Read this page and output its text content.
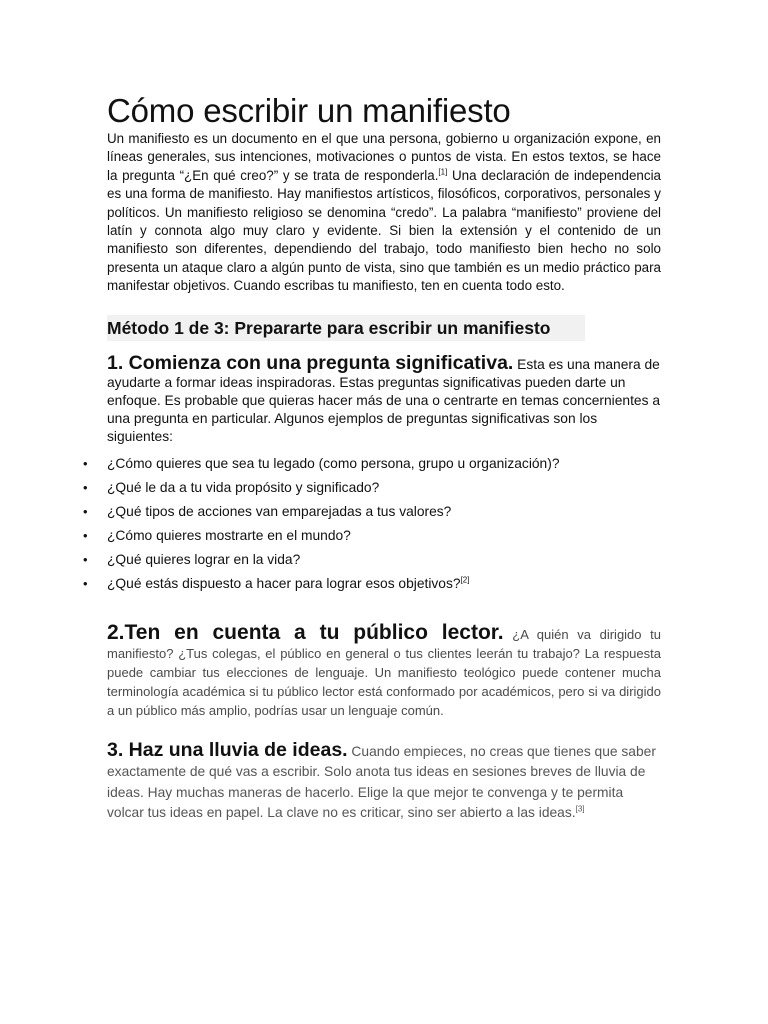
Cómo escribir un manifiesto

Un manifiesto es un documento en el que una persona, gobierno u organización expone, en líneas generales, sus intenciones, motivaciones o puntos de vista. En estos textos, se hace la pregunta “¿En qué creo?” y se trata de responderla.[1] Una declaración de independencia es una forma de manifiesto. Hay manifiestos artísticos, filosóficos, corporativos, personales y políticos. Un manifiesto religioso se denomina “credo”. La palabra “manifiesto” proviene del latín y connota algo muy claro y evidente. Si bien la extensión y el contenido de un manifiesto son diferentes, dependiendo del trabajo, todo manifiesto bien hecho no solo presenta un ataque claro a algún punto de vista, sino que también es un medio práctico para manifestar objetivos. Cuando escribas tu manifiesto, ten en cuenta todo esto.

Método 1 de 3: Prepararte para escribir un manifiesto
1. Comienza con una pregunta significativa. Esta es una manera de ayudarte a formar ideas inspiradoras. Estas preguntas significativas pueden darte un enfoque. Es probable que quieras hacer más de una o centrarte en temas concernientes a una pregunta en particular. Algunos ejemplos de preguntas significativas son los siguientes:
• ¿Cómo quieres que sea tu legado (como persona, grupo u organización)?
• ¿Qué le da a tu vida propósito y significado?
• ¿Qué tipos de acciones van emparejadas a tus valores?
• ¿Cómo quieres mostrarte en el mundo?
• ¿Qué quieres lograr en la vida?
• ¿Qué estás dispuesto a hacer para lograr esos objetivos?[2]
2.Ten en cuenta a tu público lector. ¿A quién va dirigido tu manifiesto? ¿Tus colegas, el público en general o tus clientes leerán tu trabajo? La respuesta puede cambiar tus elecciones de lenguaje. Un manifiesto teológico puede contener mucha terminología académica si tu público lector está conformado por académicos, pero si va dirigido a un público más amplio, podrías usar un lenguaje común.
3. Haz una lluvia de ideas. Cuando empieces, no creas que tienes que saber exactamente de qué vas a escribir. Solo anota tus ideas en sesiones breves de lluvia de ideas. Hay muchas maneras de hacerlo. Elige la que mejor te convenga y te permita volcar tus ideas en papel. La clave no es criticar, sino ser abierto a las ideas.[3]
